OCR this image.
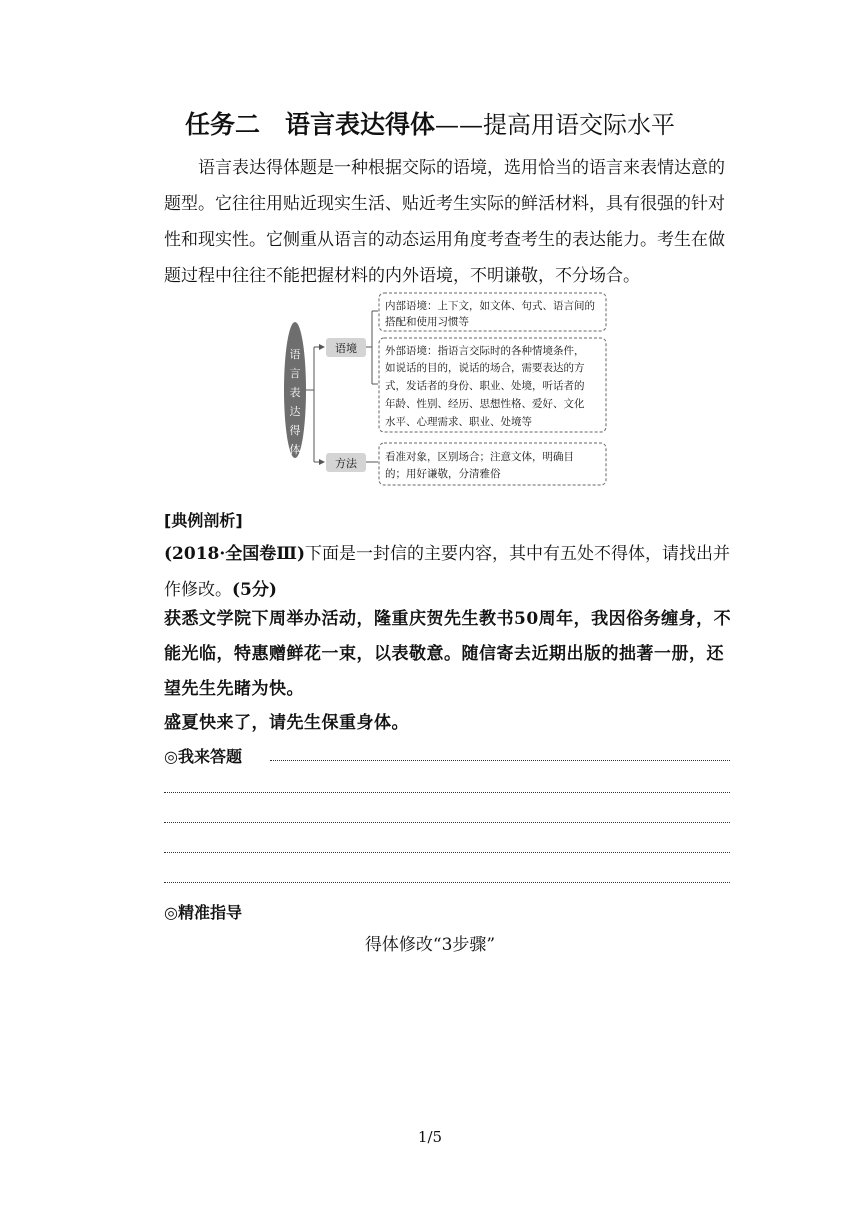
任务二　语言表达得体——提高用语交际水平

语言表达得体题是一种根据交际的语境，选用恰当的语言来表情达意的题型。它往往用贴近现实生活、贴近考生实际的鲜活材料，具有很强的针对性和现实性。它侧重从语言的动态运用角度考查考生的表达能力。考生在做题过程中往往不能把握材料的内外语境，不明谦敬，不分场合。

语
言
表
达
得
体
语境
方法
内部语境：上下文，如文体、句式、语言间的
搭配和使用习惯等
外部语境：指语言交际时的各种情境条件，
如说话的目的，说话的场合，需要表达的方
式，发话者的身份、职业、处境，听话者的
年龄、性别、经历、思想性格、爱好、文化
水平、心理需求、职业、处境等
看准对象，区别场合；注意文体，明确目
的；用好谦敬，分清雅俗

[典例剖析]

(2018·全国卷Ⅲ)下面是一封信的主要内容，其中有五处不得体，请找出并作修改。(5分)

获悉文学院下周举办活动，隆重庆贺先生教书50周年，我因俗务缠身，不能光临，特惠赠鲜花一束，以表敬意。随信寄去近期出版的拙著一册，还望先生先睹为快。

盛夏快来了，请先生保重身体。

◎我来答题

◎精准指导

得体修改“3步骤”
1/5
